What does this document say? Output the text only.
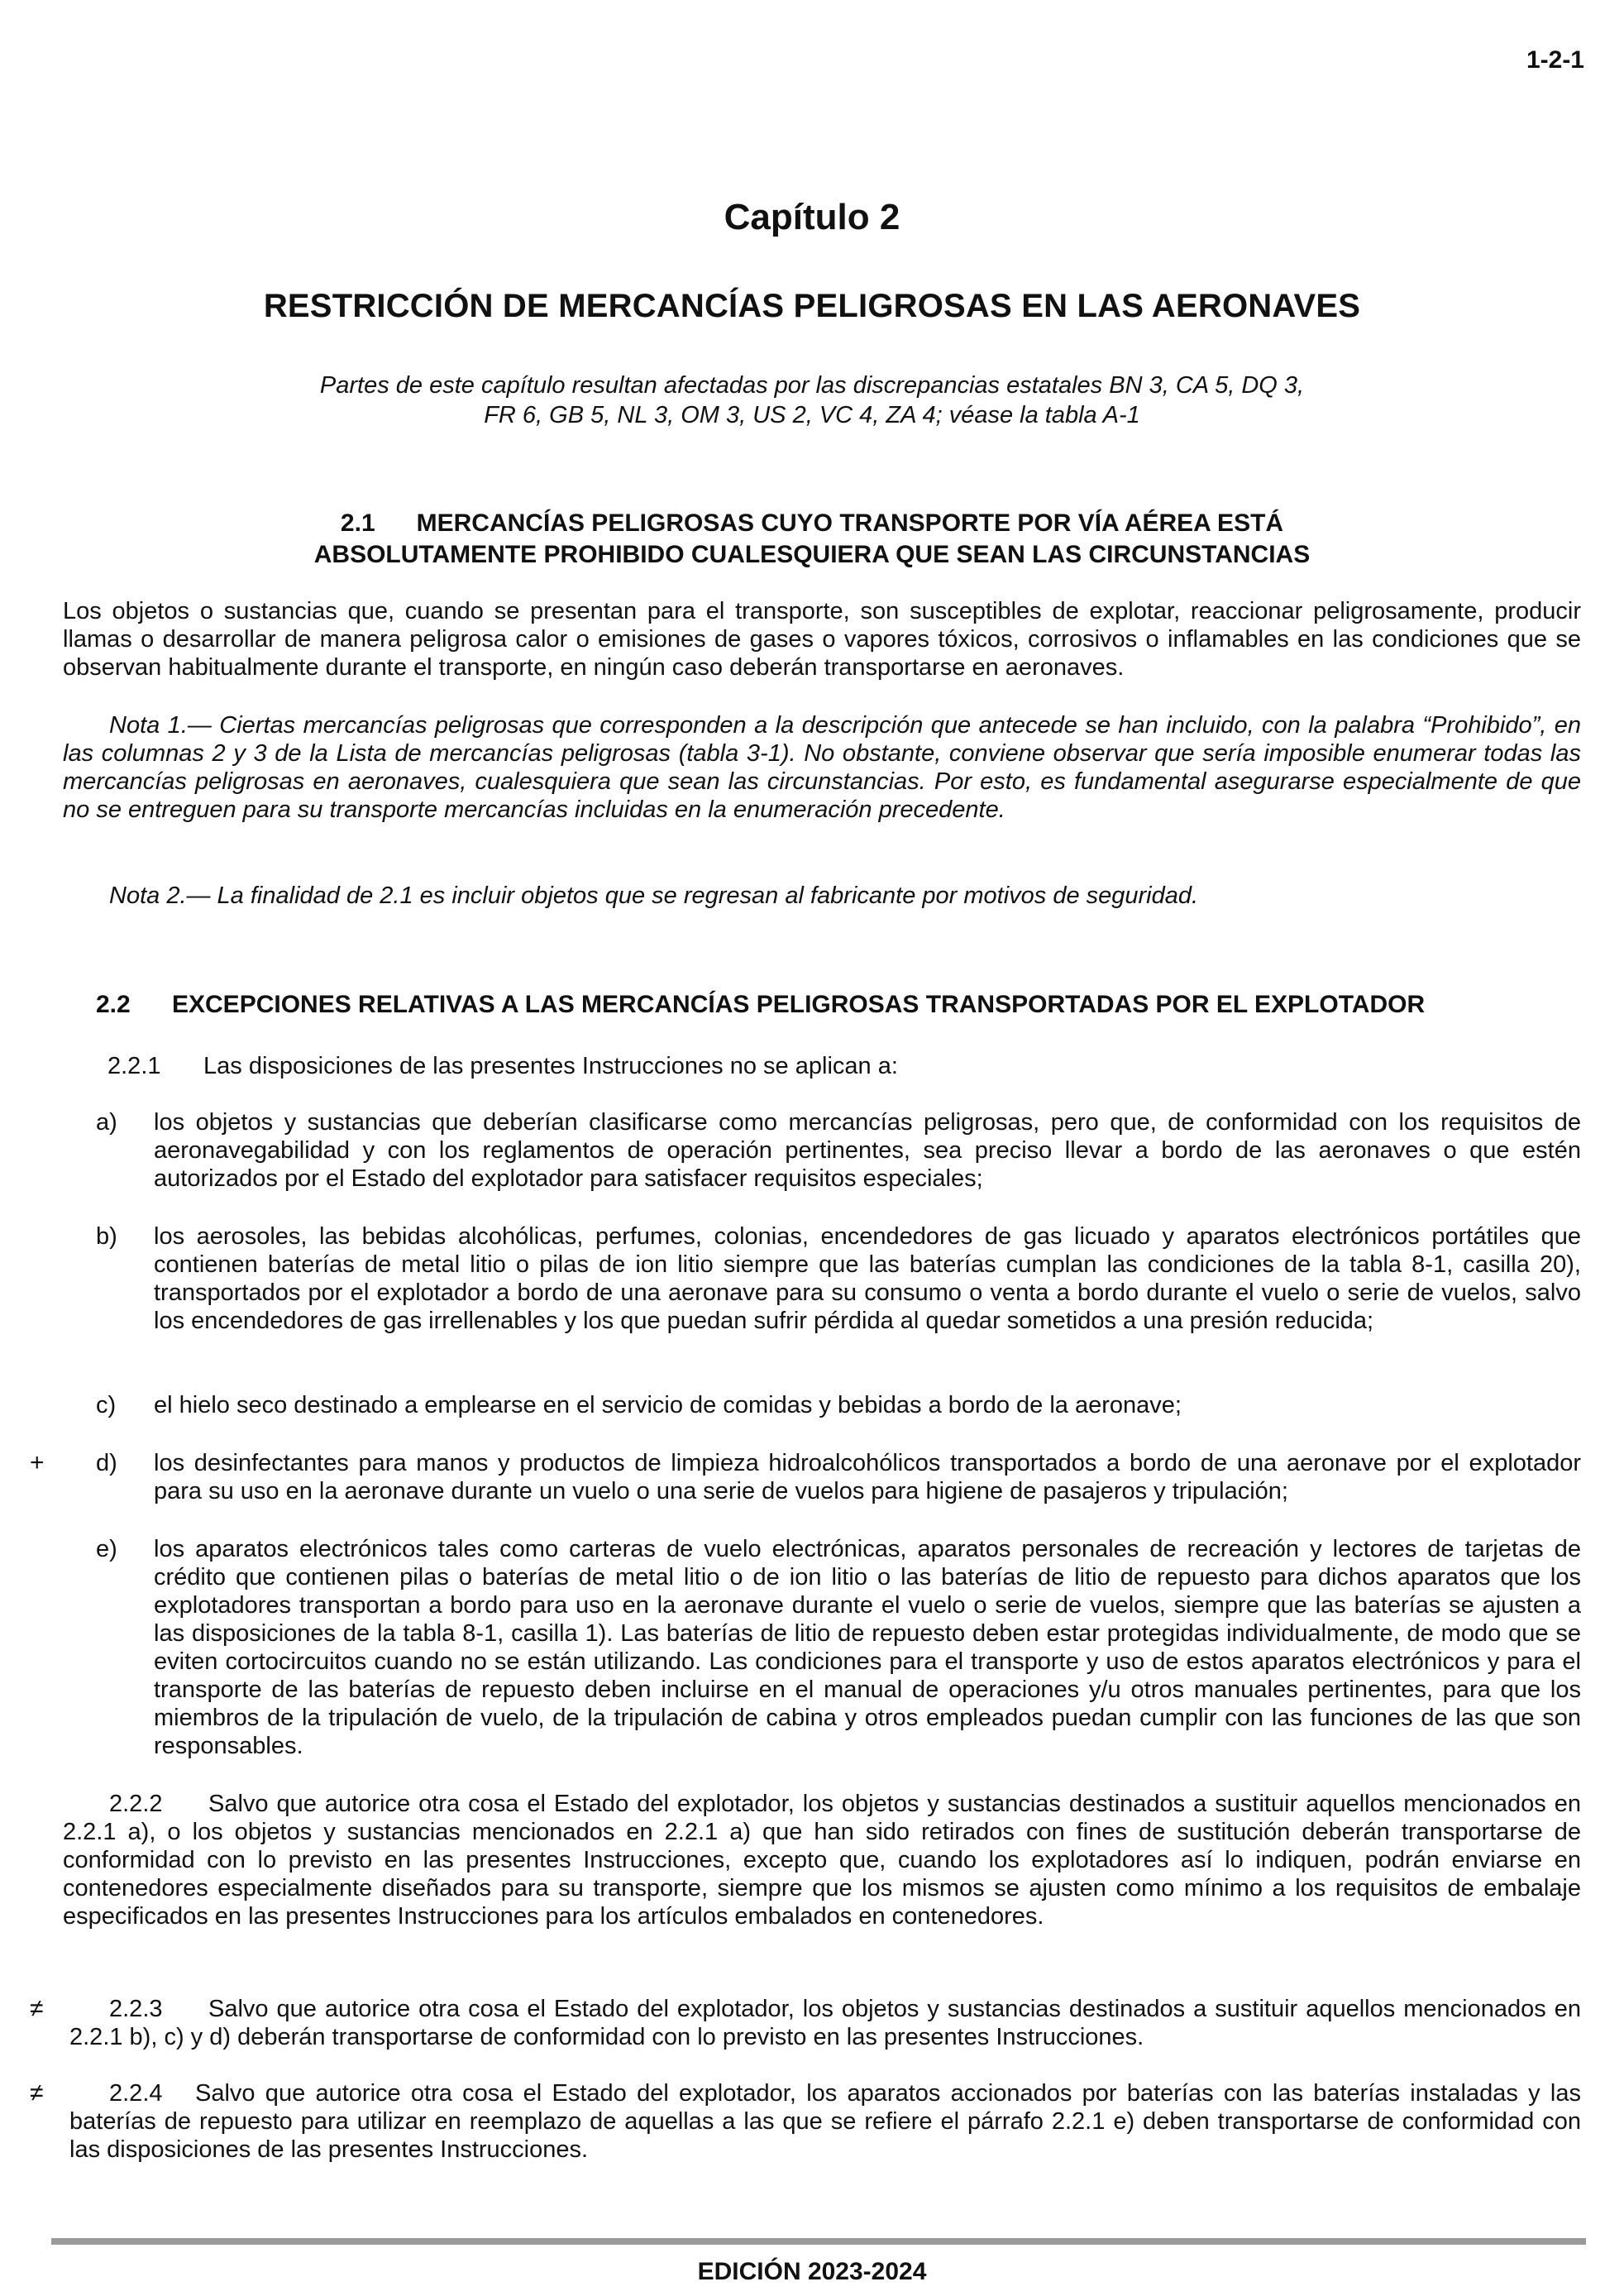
1-2-1
Capítulo 2
RESTRICCIÓN DE MERCANCÍAS PELIGROSAS EN LAS AERONAVES
Partes de este capítulo resultan afectadas por las discrepancias estatales BN 3, CA 5, DQ 3,
FR 6, GB 5, NL 3, OM 3, US 2, VC 4, ZA 4; véase la tabla A-1
2.1      MERCANCÍAS PELIGROSAS CUYO TRANSPORTE POR VÍA AÉREA ESTÁ
ABSOLUTAMENTE PROHIBIDO CUALESQUIERA QUE SEAN LAS CIRCUNSTANCIAS
Los objetos o sustancias que, cuando se presentan para el transporte, son susceptibles de explotar, reaccionar peligrosamente, producir llamas o desarrollar de manera peligrosa calor o emisiones de gases o vapores tóxicos, corrosivos o inflamables en las condiciones que se observan habitualmente durante el transporte, en ningún caso deberán transportarse en aeronaves.
Nota 1.— Ciertas mercancías peligrosas que corresponden a la descripción que antecede se han incluido, con la palabra “Prohibido”, en las columnas 2 y 3 de la Lista de mercancías peligrosas (tabla 3-1). No obstante, conviene observar que sería imposible enumerar todas las mercancías peligrosas en aeronaves, cualesquiera que sean las circunstancias. Por esto, es fundamental asegurarse especialmente de que no se entreguen para su transporte mercancías incluidas en la enumeración precedente.
Nota 2.— La finalidad de 2.1 es incluir objetos que se regresan al fabricante por motivos de seguridad.
2.2 EXCEPCIONES RELATIVAS A LAS MERCANCÍAS PELIGROSAS TRANSPORTADAS POR EL EXPLOTADOR
2.2.1 Las disposiciones de las presentes Instrucciones no se aplican a:
a)	los objetos y sustancias que deberían clasificarse como mercancías peligrosas, pero que, de conformidad con los requisitos de aeronavegabilidad y con los reglamentos de operación pertinentes, sea preciso llevar a bordo de las aeronaves o que estén autorizados por el Estado del explotador para satisfacer requisitos especiales;
b)	los aerosoles, las bebidas alcohólicas, perfumes, colonias, encendedores de gas licuado y aparatos electrónicos portátiles que contienen baterías de metal litio o pilas de ion litio siempre que las baterías cumplan las condiciones de la tabla 8-1, casilla 20), transportados por el explotador a bordo de una aeronave para su consumo o venta a bordo durante el vuelo o serie de vuelos, salvo los encendedores de gas irrellenables y los que puedan sufrir pérdida al quedar sometidos a una presión reducida;
c)	el hielo seco destinado a emplearse en el servicio de comidas y bebidas a bordo de la aeronave;
+ d)	los desinfectantes para manos y productos de limpieza hidroalcohólicos transportados a bordo de una aeronave por el explotador para su uso en la aeronave durante un vuelo o una serie de vuelos para higiene de pasajeros y tripulación;
e)	los aparatos electrónicos tales como carteras de vuelo electrónicas, aparatos personales de recreación y lectores de tarjetas de crédito que contienen pilas o baterías de metal litio o de ion litio o las baterías de litio de repuesto para dichos aparatos que los explotadores transportan a bordo para uso en la aeronave durante el vuelo o serie de vuelos, siempre que las baterías se ajusten a las disposiciones de la tabla 8-1, casilla 1). Las baterías de litio de repuesto deben estar protegidas individualmente, de modo que se eviten cortocircuitos cuando no se están utilizando. Las condiciones para el transporte y uso de estos aparatos electrónicos y para el transporte de las baterías de repuesto deben incluirse en el manual de operaciones y/u otros manuales pertinentes, para que los miembros de la tripulación de vuelo, de la tripulación de cabina y otros empleados puedan cumplir con las funciones de las que son responsables.
2.2.2 Salvo que autorice otra cosa el Estado del explotador, los objetos y sustancias destinados a sustituir aquellos mencionados en 2.2.1 a), o los objetos y sustancias mencionados en 2.2.1 a) que han sido retirados con fines de sustitución deberán transportarse de conformidad con lo previsto en las presentes Instrucciones, excepto que, cuando los explotadores así lo indiquen, podrán enviarse en contenedores especialmente diseñados para su transporte, siempre que los mismos se ajusten como mínimo a los requisitos de embalaje especificados en las presentes Instrucciones para los artículos embalados en contenedores.
≠	2.2.3 Salvo que autorice otra cosa el Estado del explotador, los objetos y sustancias destinados a sustituir aquellos mencionados en 2.2.1 b), c) y d) deberán transportarse de conformidad con lo previsto en las presentes Instrucciones.
≠	2.2.4 Salvo que autorice otra cosa el Estado del explotador, los aparatos accionados por baterías con las baterías instaladas y las baterías de repuesto para utilizar en reemplazo de aquellas a las que se refiere el párrafo 2.2.1 e) deben transportarse de conformidad con las disposiciones de las presentes Instrucciones.
EDICIÓN 2023-2024
